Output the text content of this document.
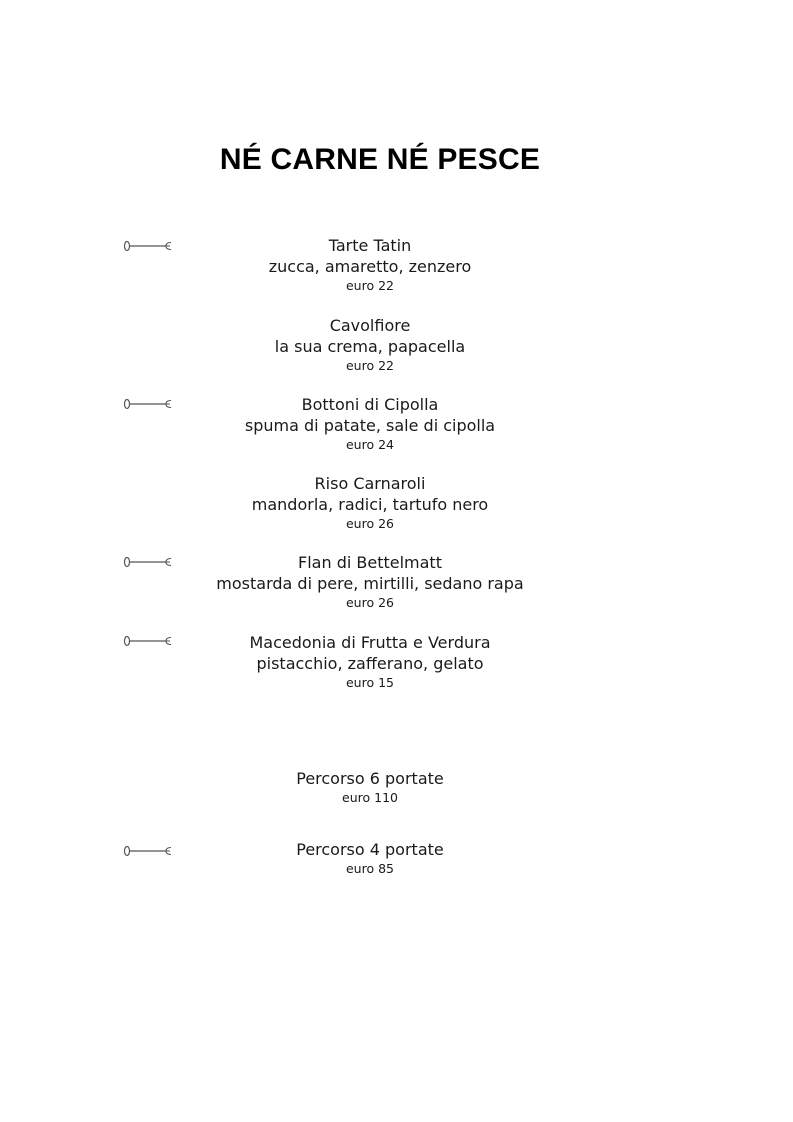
NÉ CARNE NÉ PESCE
Tarte Tatin
zucca, amaretto, zenzero
euro 22
Cavolfiore
la sua crema, papacella
euro 22
Bottoni di Cipolla
spuma di patate, sale di cipolla
euro 24
Riso Carnaroli
mandorla, radici, tartufo nero
euro 26
Flan di Bettelmatt
mostarda di pere, mirtilli, sedano rapa
euro 26
Macedonia di Frutta e Verdura
pistacchio, zafferano, gelato
euro 15
Percorso 6 portate
euro 110
Percorso 4 portate
euro 85
